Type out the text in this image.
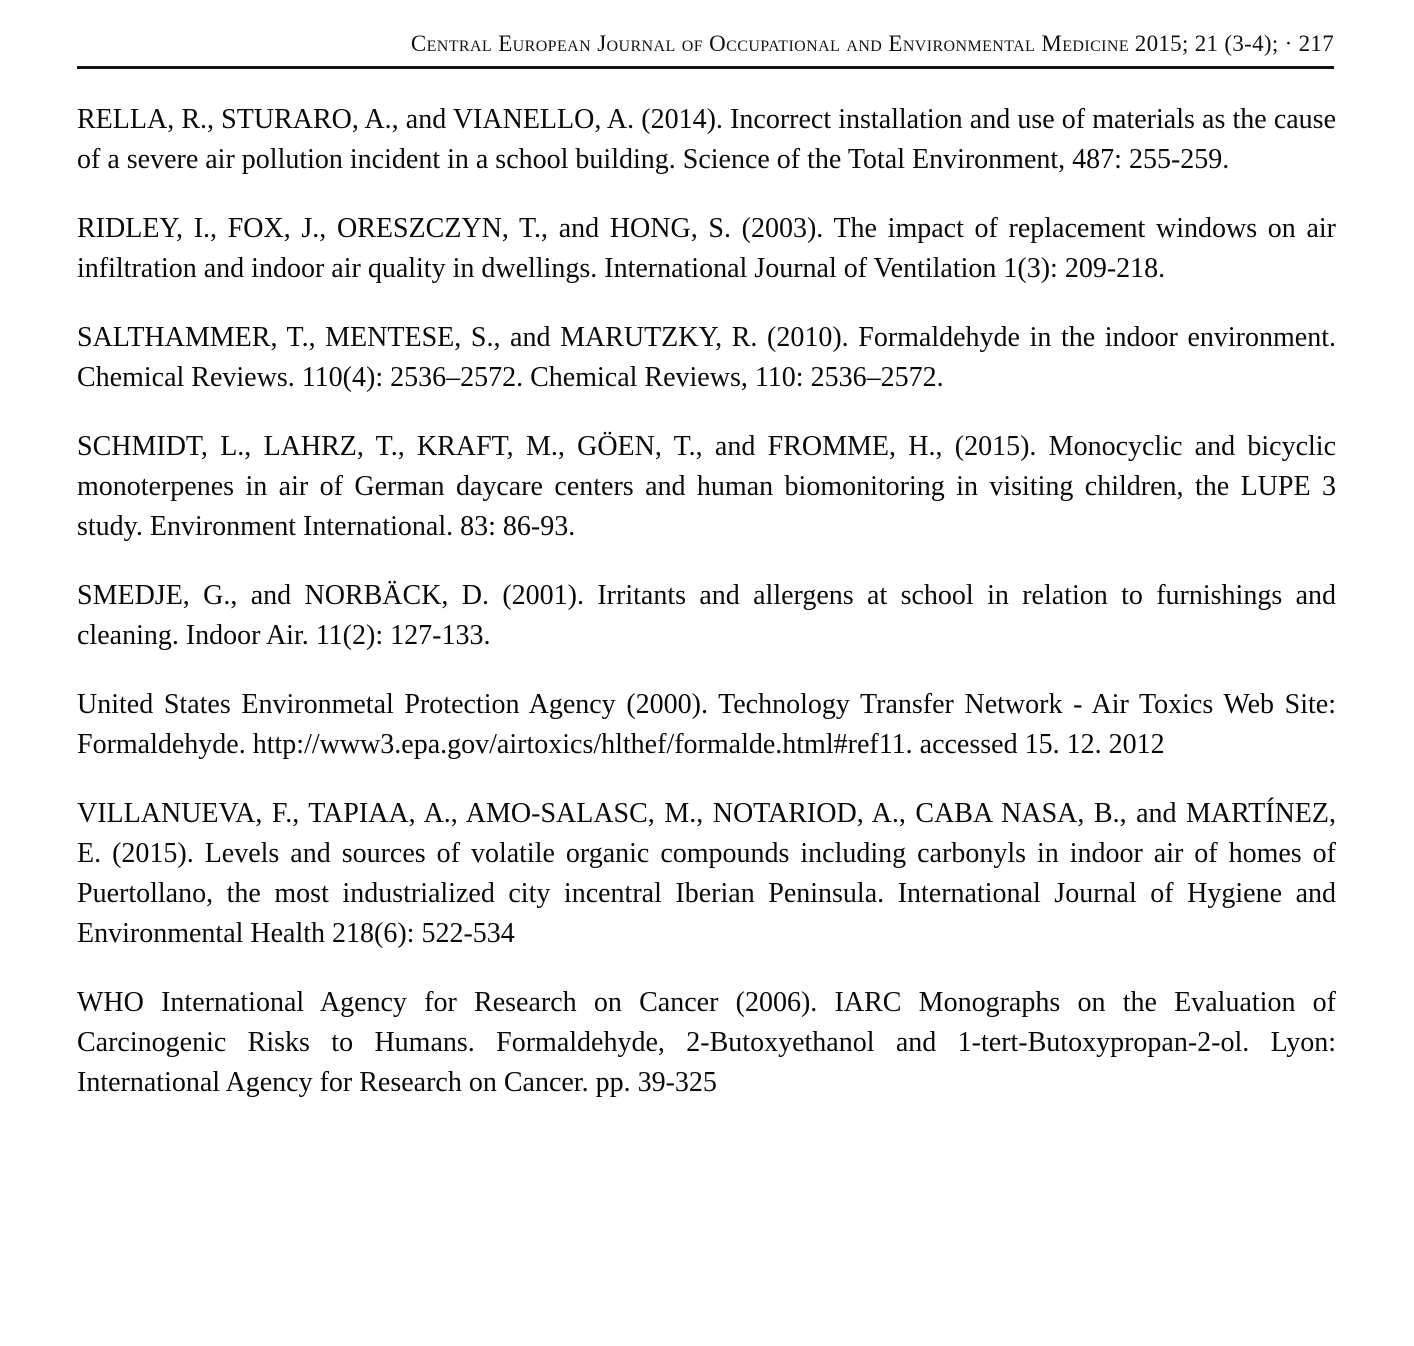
Central European Journal of Occupational and Environmental Medicine 2015; 21 (3-4); · 217

RELLA, R., STURARO, A., and VIANELLO, A. (2014). Incorrect installation and use of materials as the cause of a severe air pollution incident in a school building. Science of the Total Environment, 487: 255-259.

RIDLEY, I., FOX, J., ORESZCZYN, T., and HONG, S. (2003). The impact of replacement windows on air infiltration and indoor air quality in dwellings. International Journal of Ventilation 1(3): 209-218.

SALTHAMMER, T., MENTESE, S., and MARUTZKY, R. (2010). Formaldehyde in the indoor environment. Chemical Reviews. 110(4): 2536–2572. Chemical Reviews, 110: 2536–2572.

SCHMIDT, L., LAHRZ, T., KRAFT, M., GÖEN, T., and FROMME, H., (2015). Monocyclic and bicyclic monoterpenes in air of German daycare centers and human biomonitoring in visiting children, the LUPE 3 study. Environment International. 83: 86-93.

SMEDJE, G., and NORBÄCK, D. (2001). Irritants and allergens at school in relation to furnishings and cleaning. Indoor Air. 11(2): 127-133.

United States Environmetal Protection Agency (2000). Technology Transfer Network - Air Toxics Web Site: Formaldehyde. http://www3.epa.gov/airtoxics/hlthef/formalde.html#ref11. accessed 15. 12. 2012

VILLANUEVA, F., TAPIAA, A., AMO-SALASC, M., NOTARIOD, A., CABA NASA, B., and MARTÍNEZ, E. (2015). Levels and sources of volatile organic compounds including carbonyls in indoor air of homes of Puertollano, the most industrialized city incentral Iberian Peninsula. International Journal of Hygiene and Environmental Health 218(6): 522-534

WHO International Agency for Research on Cancer (2006). IARC Monographs on the Evaluation of Carcinogenic Risks to Humans. Formaldehyde, 2-Butoxyethanol and 1-tert-Butoxypropan-2-ol. Lyon: International Agency for Research on Cancer. pp. 39-325
